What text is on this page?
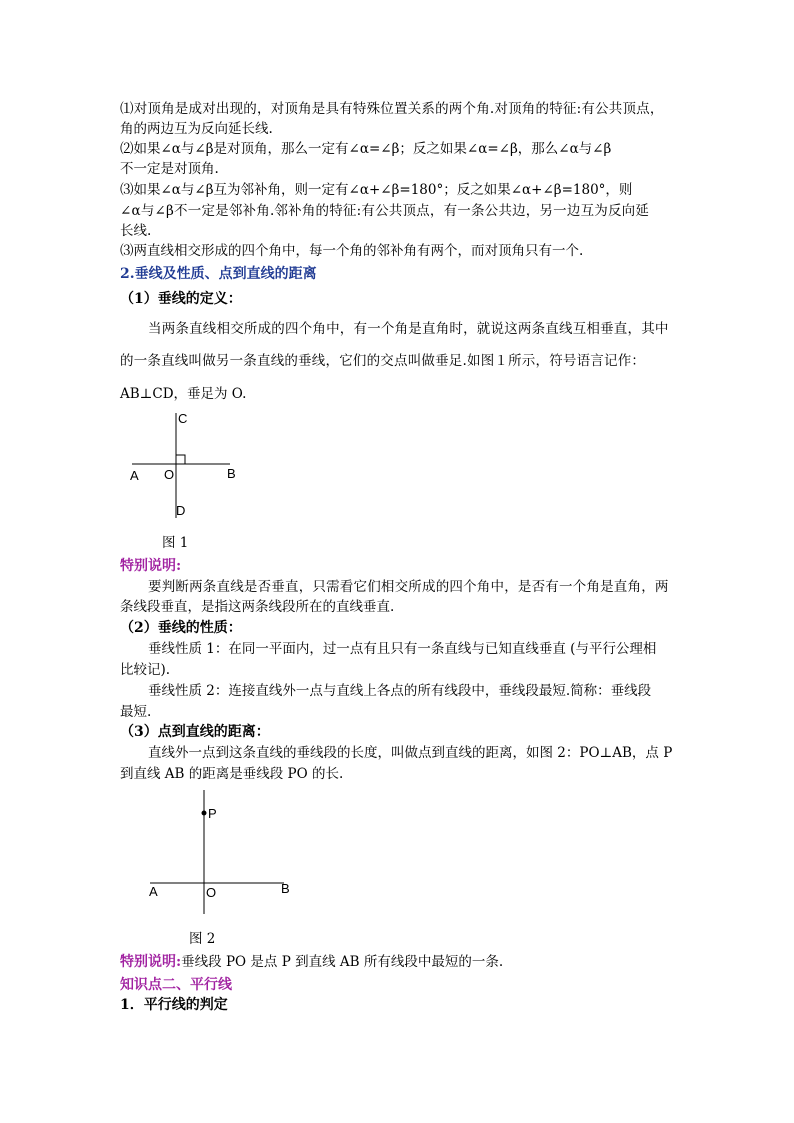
⑴对顶角是成对出现的，对顶角是具有特殊位置关系的两个角.对顶角的特征:有公共顶点，
角的两边互为反向延长线.
⑵如果∠α与∠β是对顶角，那么一定有∠α=∠β；反之如果∠α=∠β，那么∠α与∠β
不一定是对顶角.
⑶如果∠α与∠β互为邻补角，则一定有∠α+∠β=180°；反之如果∠α+∠β=180°，则
∠α与∠β不一定是邻补角.邻补角的特征:有公共顶点，有一条公共边，另一边互为反向延
长线.
⑶两直线相交形成的四个角中，每一个角的邻补角有两个，而对顶角只有一个.
2.垂线及性质、点到直线的距离
（1）垂线的定义：
当两条直线相交所成的四个角中，有一个角是直角时，就说这两条直线互相垂直，其中
的一条直线叫做另一条直线的垂线，它们的交点叫做垂足.如图１所示，符号语言记作：
AB⊥CD，垂足为 O.
C
A O	B
D
图 1
特别说明:
要判断两条直线是否垂直，只需看它们相交所成的四个角中，是否有一个角是直角，两
条线段垂直，是指这两条线段所在的直线垂直.
（2）垂线的性质：
垂线性质 1：在同一平面内，过一点有且只有一条直线与已知直线垂直 (与平行公理相
比较记).
垂线性质 2：连接直线外一点与直线上各点的所有线段中，垂线段最短.简称：垂线段
最短.
（3）点到直线的距离：
直线外一点到这条直线的垂线段的长度，叫做点到直线的距离，如图 2：PO⊥AB，点 P
到直线 AB 的距离是垂线段 PO 的长.
P
A	O	B
图 2
特别说明:垂线段 PO 是点 P 到直线 AB 所有线段中最短的一条.
知识点二、平行线
1．平行线的判定
